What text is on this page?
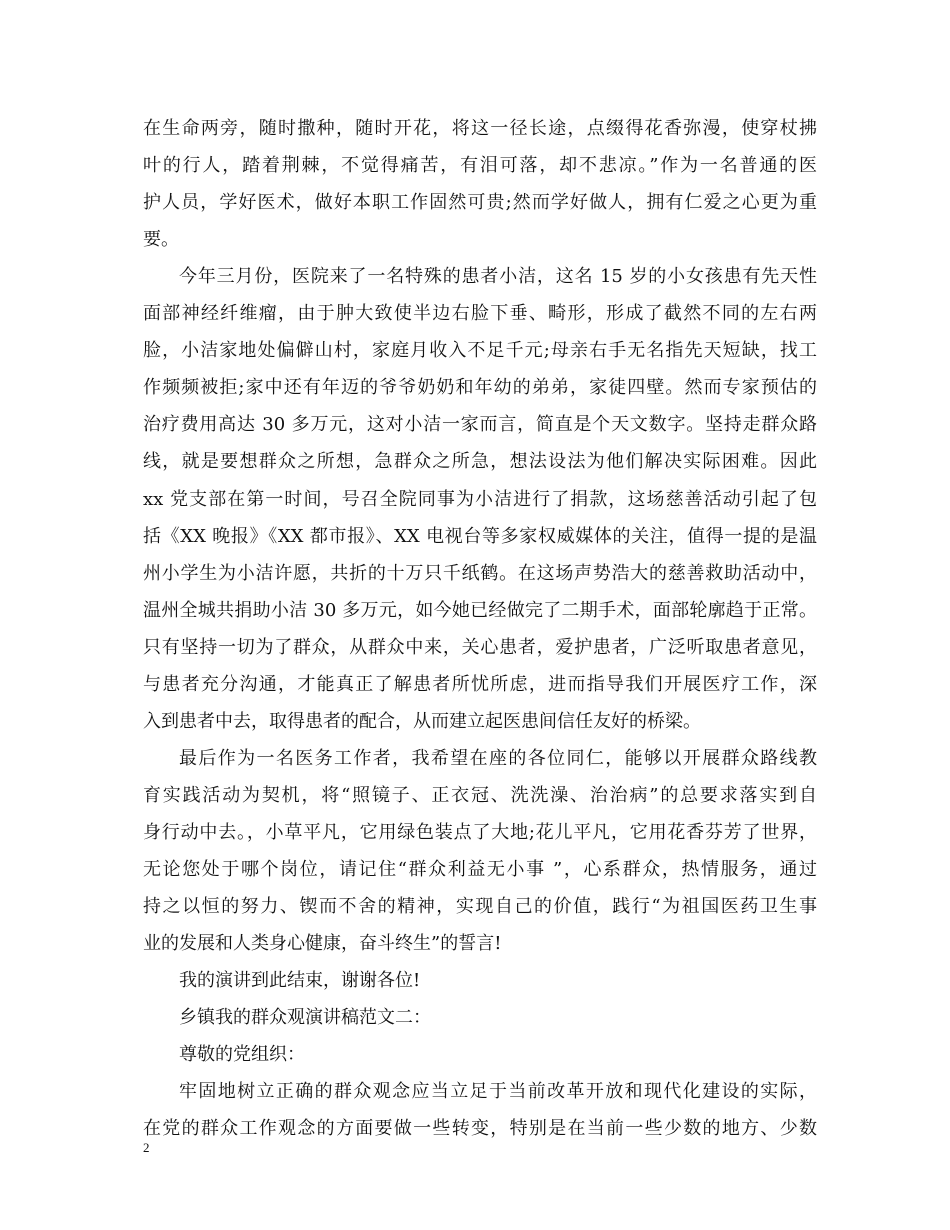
在生命两旁，随时撒种，随时开花，将这一径长途，点缀得花香弥漫，使穿杖拂
叶的行人，踏着荆棘，不觉得痛苦，有泪可落，却不悲凉。”作为一名普通的医
护人员，学好医术，做好本职工作固然可贵;然而学好做人，拥有仁爱之心更为重
要。
今年三月份，医院来了一名特殊的患者小洁，这名 15 岁的小女孩患有先天性
面部神经纤维瘤，由于肿大致使半边右脸下垂、畸形，形成了截然不同的左右两
脸，小洁家地处偏僻山村，家庭月收入不足千元;母亲右手无名指先天短缺，找工
作频频被拒;家中还有年迈的爷爷奶奶和年幼的弟弟，家徒四壁。然而专家预估的
治疗费用高达 30 多万元，这对小洁一家而言，简直是个天文数字。坚持走群众路
线，就是要想群众之所想，急群众之所急，想法设法为他们解决实际困难。因此
xx 党支部在第一时间，号召全院同事为小洁进行了捐款，这场慈善活动引起了包
括《XX 晚报》《XX 都市报》、XX 电视台等多家权威媒体的关注，值得一提的是温
州小学生为小洁许愿，共折的十万只千纸鹤。在这场声势浩大的慈善救助活动中，
温州全城共捐助小洁 30 多万元，如今她已经做完了二期手术，面部轮廓趋于正常。
只有坚持一切为了群众，从群众中来，关心患者，爱护患者，广泛听取患者意见，
与患者充分沟通，才能真正了解患者所忧所虑，进而指导我们开展医疗工作，深
入到患者中去，取得患者的配合，从而建立起医患间信任友好的桥梁。
最后作为一名医务工作者，我希望在座的各位同仁，能够以开展群众路线教
育实践活动为契机，将“照镜子、正衣冠、洗洗澡、治治病”的总要求落实到自
身行动中去。，小草平凡，它用绿色装点了大地;花儿平凡，它用花香芬芳了世界，
无论您处于哪个岗位，请记住“群众利益无小事 ”，心系群众，热情服务，通过
持之以恒的努力、锲而不舍的精神，实现自己的价值，践行“为祖国医药卫生事
业的发展和人类身心健康，奋斗终生”的誓言!
我的演讲到此结束，谢谢各位!
乡镇我的群众观演讲稿范文二：
尊敬的党组织：
牢固地树立正确的群众观念应当立足于当前改革开放和现代化建设的实际，
在党的群众工作观念的方面要做一些转变，特别是在当前一些少数的地方、少数
2
